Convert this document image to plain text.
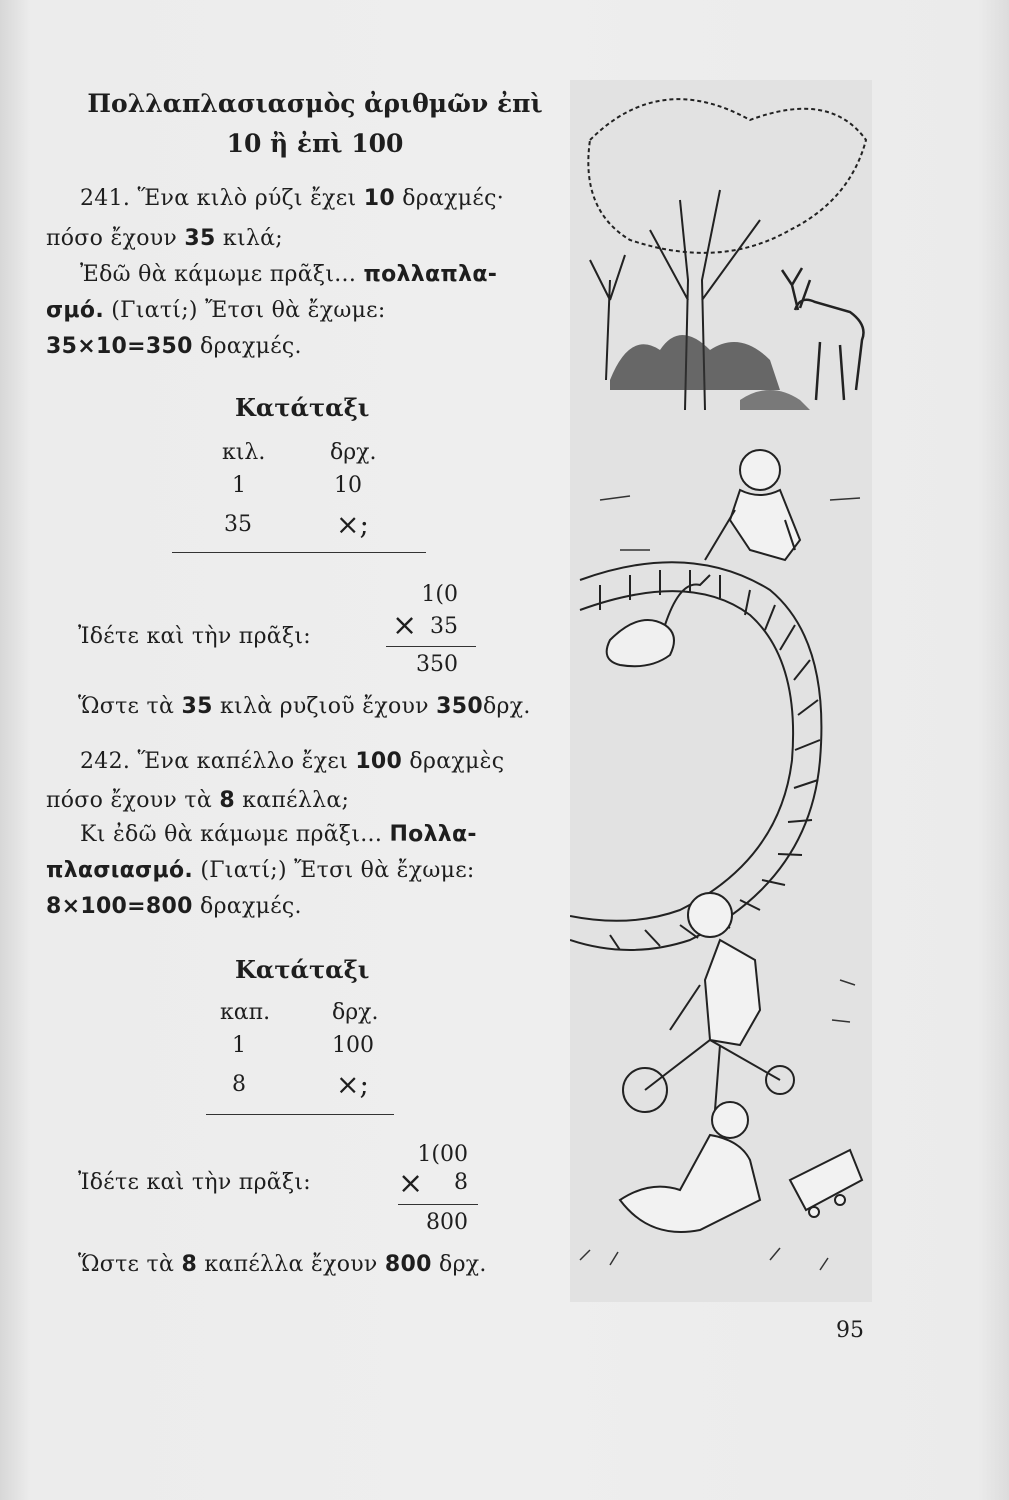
Πολλαπλασιασμὸς ἀριθμῶν ἐπὶ
10 ἢ ἐπὶ 100
241. Ἕνα κιλὸ ρύζι ἔχει 10 δραχμές·
πόσο ἔχουν 35 κιλά;
Ἐδῶ θὰ κάμωμε πρᾶξι... πολλαπλα-
σμό. (Γιατί;) Ἔτσι θὰ ἔχωμε:
35×10=350 δραχμές.
Κατάταξι
κιλ.	δρχ.
1	10
35	×;
Ἰδέτε καὶ τὴν πρᾶξι:
1(0
× 35
350
Ὥστε τὰ 35 κιλὰ ρυζιοῦ ἔχουν 350δρχ.
242. Ἕνα καπέλλο ἔχει 100 δραχμὲς
πόσο ἔχουν τὰ 8 καπέλλα;
Κι ἐδῶ θὰ κάμωμε πρᾶξι... Πολλα-
πλασιασμό. (Γιατί;) Ἔτσι θὰ ἔχωμε:
8×100=800 δραχμές.
Κατάταξι
καπ.	δρχ.
1	100
8	×;
Ἰδέτε καὶ τὴν πρᾶξι:
1(00
×	8
800
Ὥστε τὰ 8 καπέλλα ἔχουν 800 δρχ.
95
